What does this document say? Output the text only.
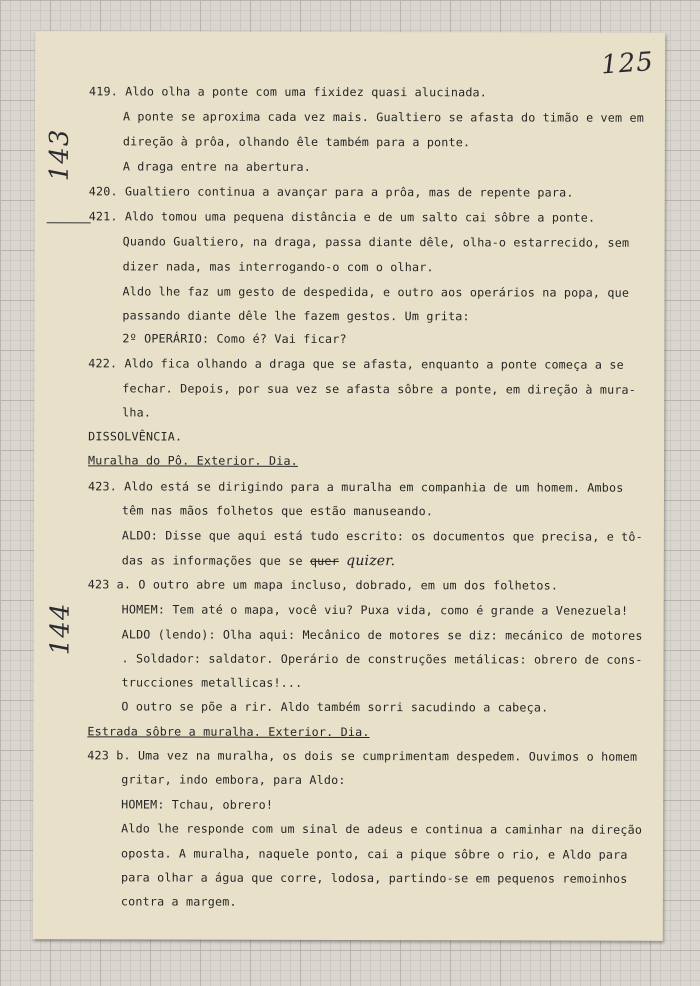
125
143
144
419. Aldo olha a ponte com uma fixidez quasi alucinada.
A ponte se aproxima cada vez mais. Gualtiero se afasta do timão e vem em
direção à prôa, olhando êle também para a ponte.
A draga entre na abertura.
420. Gualtiero continua a avançar para a prôa, mas de repente para.
421. Aldo tomou uma pequena distância e de um salto cai sôbre a ponte.
Quando Gualtiero, na draga, passa diante dêle, olha-o estarrecido, sem
dizer nada, mas interrogando-o com o olhar.
Aldo lhe faz um gesto de despedida, e outro aos operários na popa, que
passando diante dêle lhe fazem gestos. Um grita:
2º OPERÁRIO: Como é? Vai ficar?
422. Aldo fica olhando a draga que se afasta, enquanto a ponte começa a se
fechar. Depois, por sua vez se afasta sôbre a ponte, em direção à mura-
lha.
DISSOLVÊNCIA.
Muralha do Pô. Exterior. Dia.
423. Aldo está se dirigindo para a muralha em companhia de um homem. Ambos
têm nas mãos folhetos que estão manuseando.
ALDO: Disse que aqui está tudo escrito: os documentos que precisa, e tô-
das as informações que se quer quizer.
423 a. O outro abre um mapa incluso, dobrado, em um dos folhetos.
HOMEM: Tem até o mapa, você viu? Puxa vida, como é grande a Venezuela!
ALDO (lendo): Olha aqui: Mecânico de motores se diz: mecánico de motores
. Soldador: saldator. Operário de construções metálicas: obrero de cons-
trucciones metallicas!...
O outro se põe a rir. Aldo também sorri sacudindo a cabeça.
Estrada sôbre a muralha. Exterior. Dia.
423 b. Uma vez na muralha, os dois se cumprimentam despedem. Ouvimos o homem
gritar, indo embora, para Aldo:
HOMEM: Tchau, obrero!
Aldo lhe responde com um sinal de adeus e continua a caminhar na direção
oposta. A muralha, naquele ponto, cai a pique sôbre o rio, e Aldo para
para olhar a água que corre, lodosa, partindo-se em pequenos remoinhos
contra a margem.
